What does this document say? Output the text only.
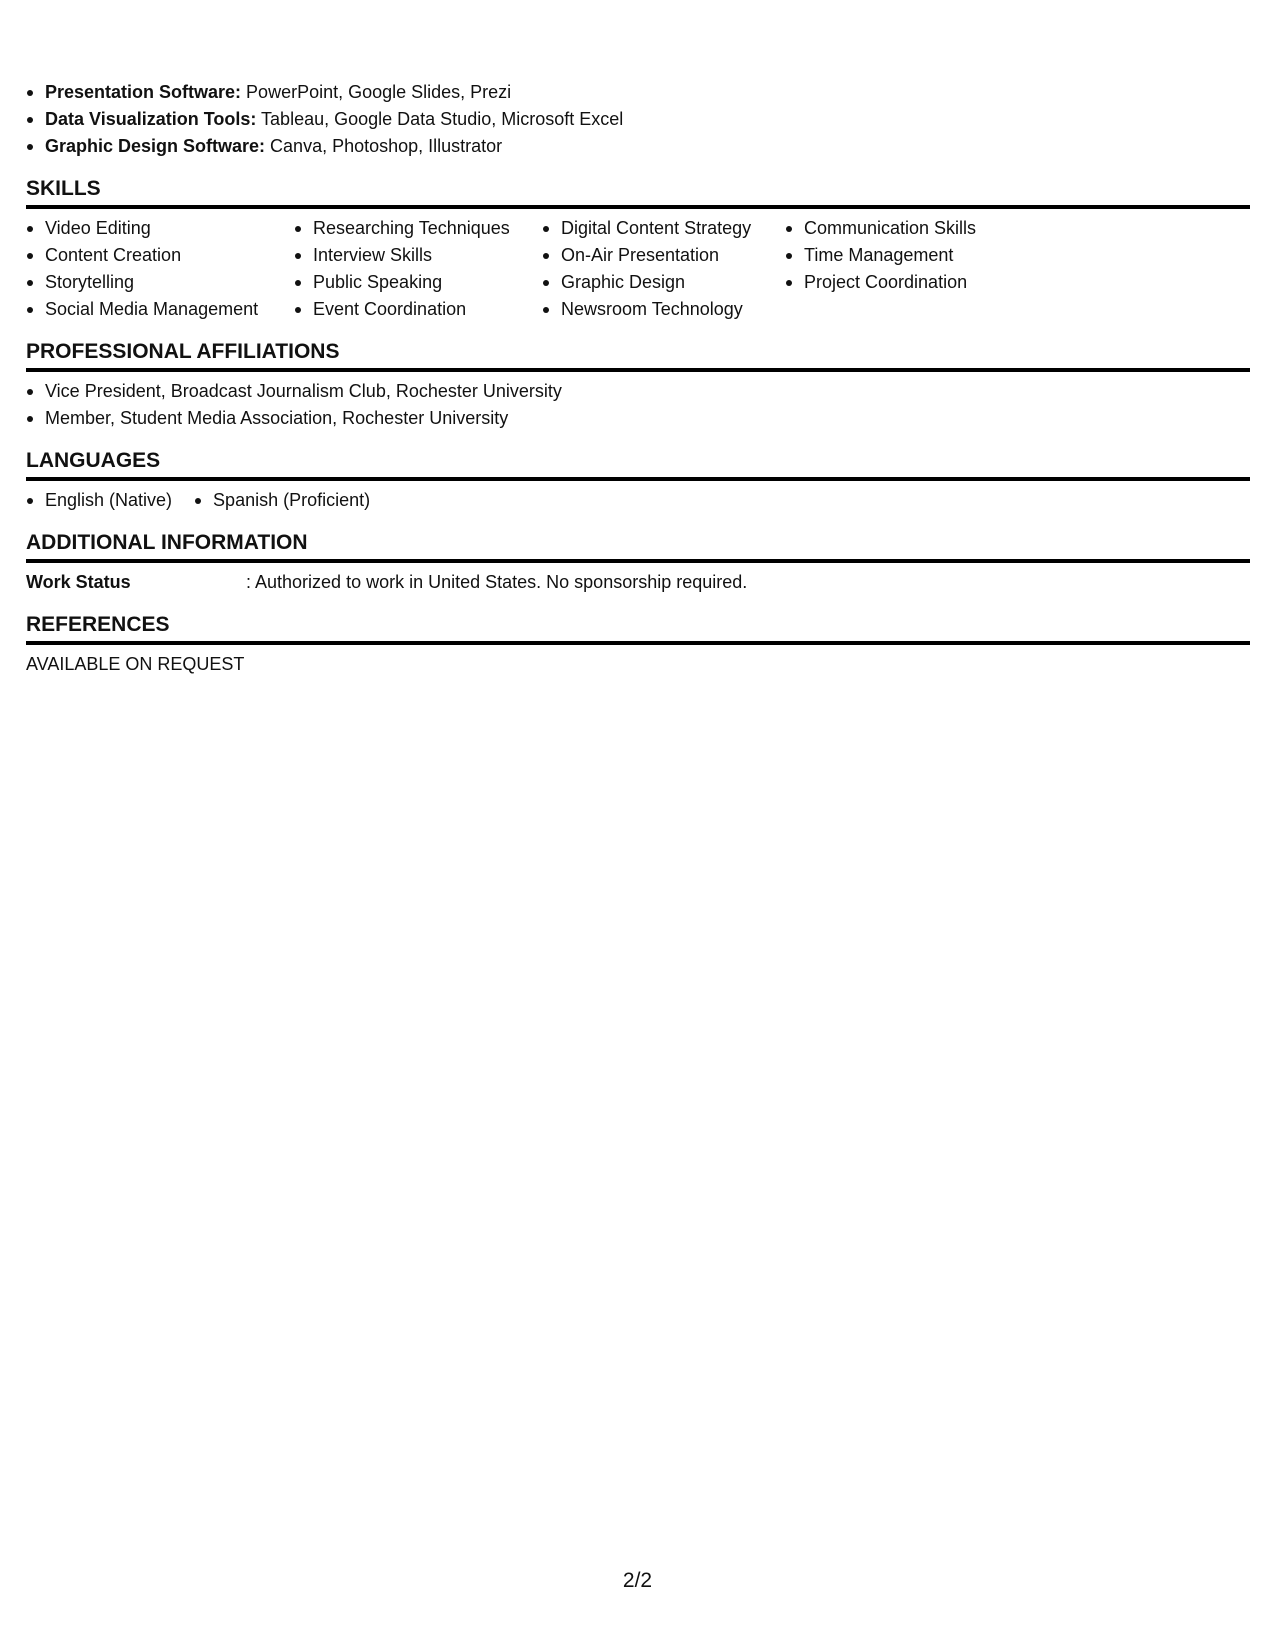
Presentation Software: PowerPoint, Google Slides, Prezi
Data Visualization Tools: Tableau, Google Data Studio, Microsoft Excel
Graphic Design Software: Canva, Photoshop, Illustrator
SKILLS
Video Editing
Content Creation
Storytelling
Social Media Management
Researching Techniques
Interview Skills
Public Speaking
Event Coordination
Digital Content Strategy
On-Air Presentation
Graphic Design
Newsroom Technology
Communication Skills
Time Management
Project Coordination
PROFESSIONAL AFFILIATIONS
Vice President, Broadcast Journalism Club, Rochester University
Member, Student Media Association, Rochester University
LANGUAGES
English (Native)	Spanish (Proficient)
ADDITIONAL INFORMATION
Work Status	: Authorized to work in United States. No sponsorship required.
REFERENCES
AVAILABLE ON REQUEST
2/2
